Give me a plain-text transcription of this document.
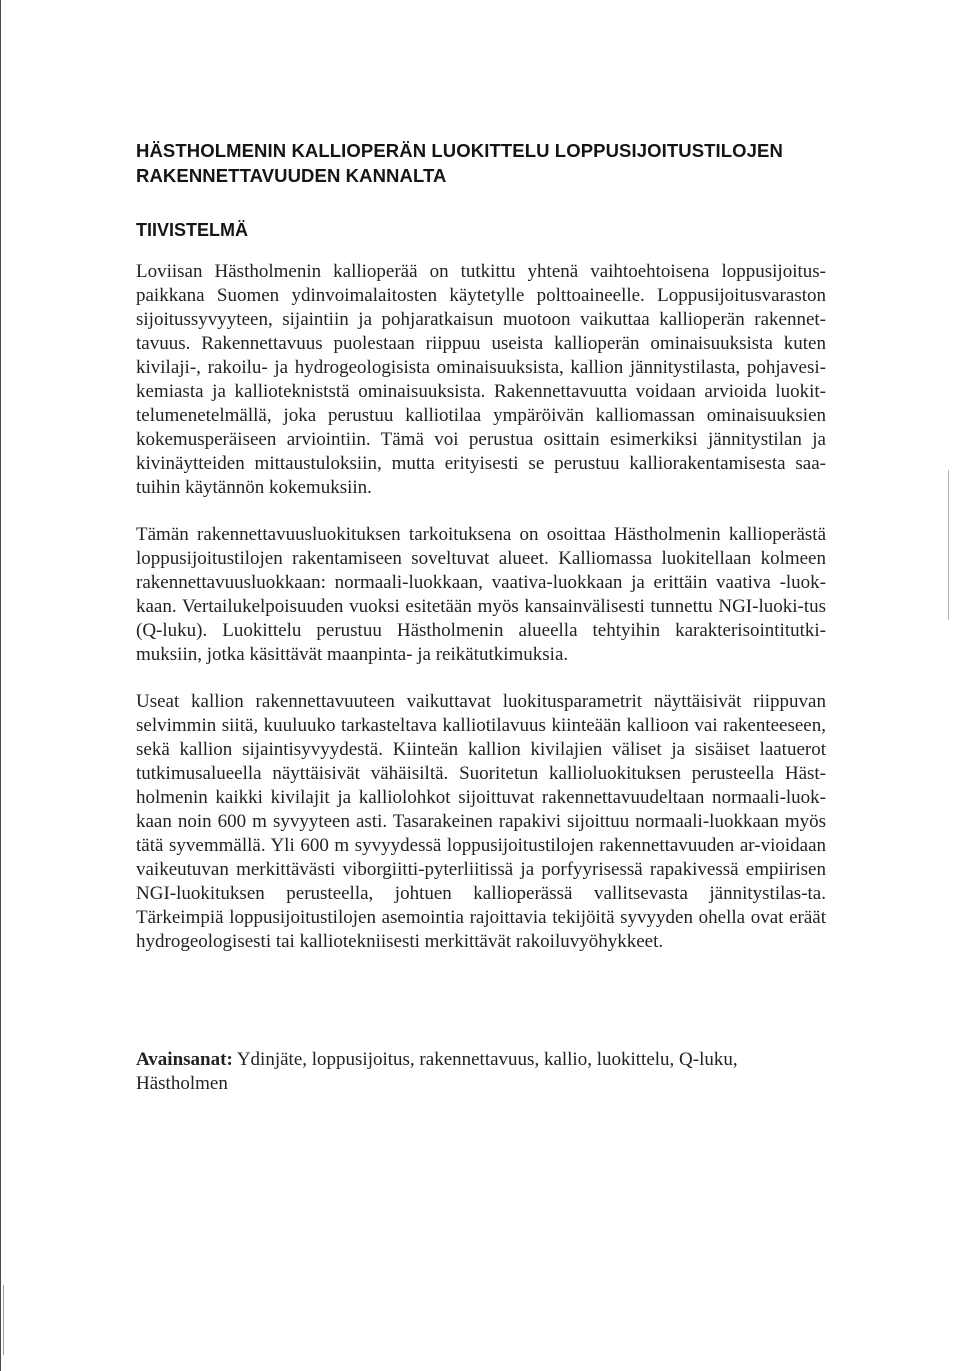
HÄSTHOLMENIN KALLIOPERÄN LUOKITTELU LOPPUSIJOITUSTILOJEN
RAKENNETTAVUUDEN KANNALTA
TIIVISTELMÄ

Loviisan Hästholmenin kallioperää on tutkittu yhtenä vaihtoehtoisena loppusijoitus-paikkana Suomen ydinvoimalaitosten käytetylle polttoaineelle. Loppusijoitusvaraston sijoitussyvyyteen, sijaintiin ja pohjaratkaisun muotoon vaikuttaa kallioperän rakennet-tavuus. Rakennettavuus puolestaan riippuu useista kallioperän ominaisuuksista kuten kivilaji-, rakoilu- ja hydrogeologisista ominaisuuksista, kallion jännitystilasta, pohjavesi-kemiasta ja kalliotekniststä ominaisuuksista. Rakennettavuutta voidaan arvioida luokit-telumenetelmällä, joka perustuu kalliotilaa ympäröivän kalliomassan ominaisuuksien kokemusperäiseen arviointiin. Tämä voi perustua osittain esimerkiksi jännitystilan ja kivinäytteiden mittaustuloksiin, mutta erityisesti se perustuu kalliorakentamisesta saa-tuihin käytännön kokemuksiin.

Tämän rakennettavuusluokituksen tarkoituksena on osoittaa Hästholmenin kallioperästä loppusijoitustilojen rakentamiseen soveltuvat alueet. Kalliomassa luokitellaan kolmeen rakennettavuusluokkaan: normaali-luokkaan, vaativa-luokkaan ja erittäin vaativa -luok-kaan. Vertailukelpoisuuden vuoksi esitetään myös kansainvälisesti tunnettu NGI-luoki-tus (Q-luku). Luokittelu perustuu Hästholmenin alueella tehtyihin karakterisointitutki-muksiin, jotka käsittävät maanpinta- ja reikätutkimuksia.

Useat kallion rakennettavuuteen vaikuttavat luokitusparametrit näyttäisivät riippuvan selvimmin siitä, kuuluuko tarkasteltava kalliotilavuus kiinteään kallioon vai rakenteeseen, sekä kallion sijaintisyvyydestä. Kiinteän kallion kivilajien väliset ja sisäiset laatuerot tutkimusalueella näyttäisivät vähäisiltä. Suoritetun kallioluokituksen perusteella Häst-holmenin kaikki kivilajit ja kalliolohkot sijoittuvat rakennettavuudeltaan normaali-luok-kaan noin 600 m syvyyteen asti. Tasarakeinen rapakivi sijoittuu normaali-luokkaan myös tätä syvemmällä. Yli 600 m syvyydessä loppusijoitustilojen rakennettavuuden ar-vioidaan vaikeutuvan merkittävästi viborgiitti-pyterliitissä ja porfyyrisessä rapakivessä empiirisen NGI-luokituksen perusteella, johtuen kallioperässä vallitsevasta jännitystilas-ta. Tärkeimpiä loppusijoitustilojen asemointia rajoittavia tekijöitä syvyyden ohella ovat eräät hydrogeologisesti tai kalliotekniisesti merkittävät rakoiluvyöhykkeet.

Avainsanat: Ydinjäte, loppusijoitus, rakennettavuus, kallio, luokittelu, Q-luku, Hästholmen
